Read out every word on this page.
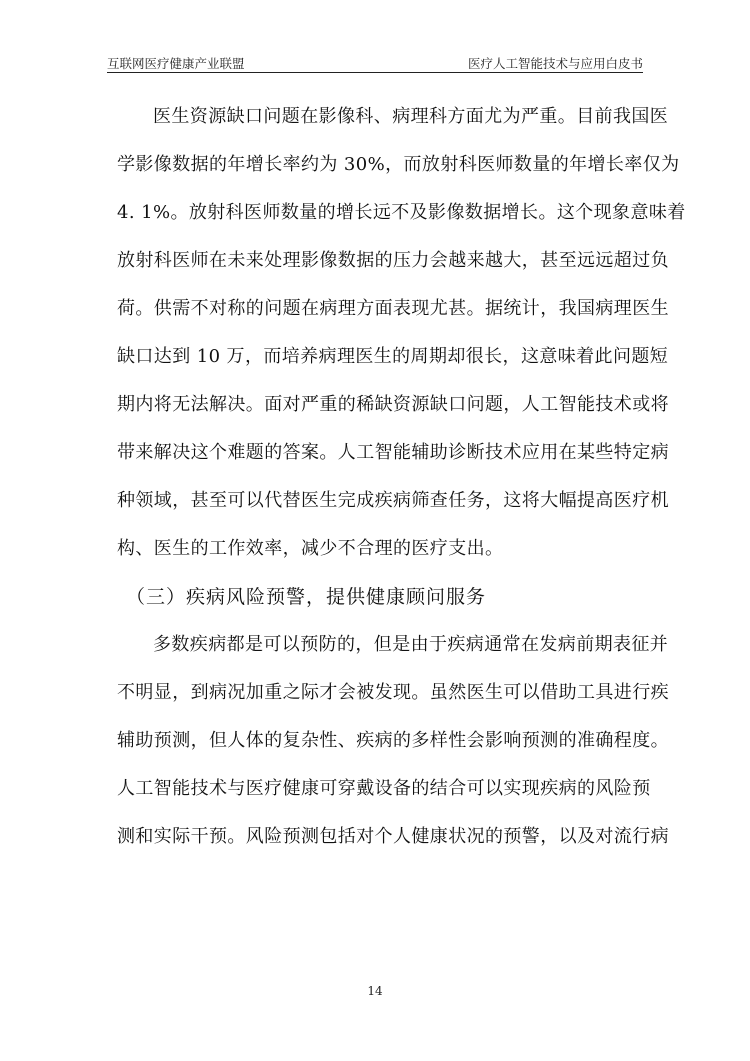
互联网医疗健康产业联盟	医疗人工智能技术与应用白皮书
医生资源缺口问题在影像科、病理科方面尤为严重。目前我国医
学影像数据的年增长率约为 30%，而放射科医师数量的年增长率仅为
4. 1%。放射科医师数量的增长远不及影像数据增长。这个现象意味着
放射科医师在未来处理影像数据的压力会越来越大，甚至远远超过负
荷。供需不对称的问题在病理方面表现尤甚。据统计，我国病理医生
缺口达到 10 万，而培养病理医生的周期却很长，这意味着此问题短
期内将无法解决。面对严重的稀缺资源缺口问题，人工智能技术或将
带来解决这个难题的答案。人工智能辅助诊断技术应用在某些特定病
种领域，甚至可以代替医生完成疾病筛查任务，这将大幅提高医疗机
构、医生的工作效率，减少不合理的医疗支出。
（三）疾病风险预警，提供健康顾问服务
多数疾病都是可以预防的，但是由于疾病通常在发病前期表征并
不明显，到病况加重之际才会被发现。虽然医生可以借助工具进行疾
辅助预测，但人体的复杂性、疾病的多样性会影响预测的准确程度。
人工智能技术与医疗健康可穿戴设备的结合可以实现疾病的风险预
测和实际干预。风险预测包括对个人健康状况的预警，以及对流行病
14
